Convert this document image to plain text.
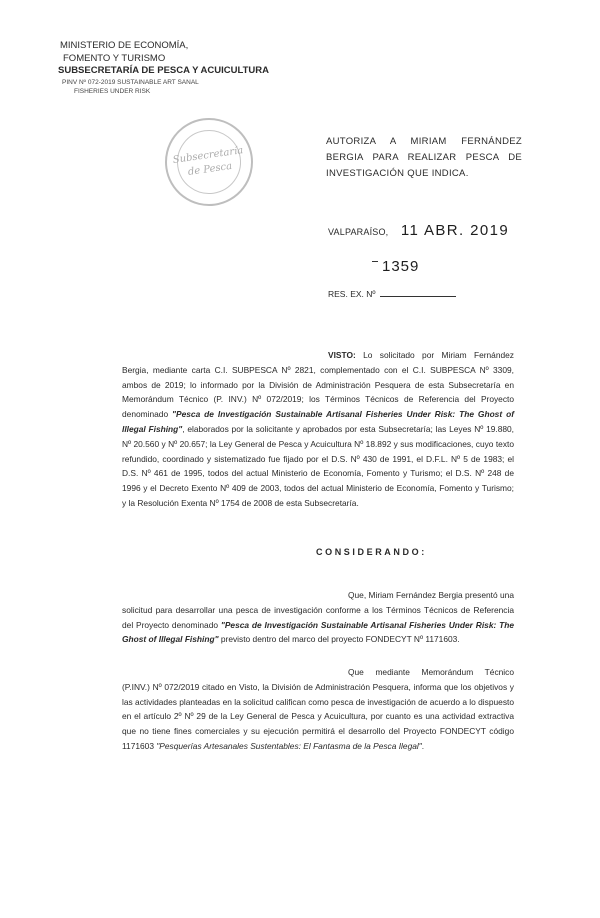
MINISTERIO DE ECONOMÍA,
FOMENTO Y TURISMO
SUBSECRETARÍA DE PESCA Y ACUICULTURA
PINV Nº 072-2019 SUSTAINABLE ART SANAL
FISHERIES UNDER RISK
Subsecretaría
de Pesca
AUTORIZA A MIRIAM FERNÁNDEZ BERGIA PARA REALIZAR PESCA DE INVESTIGACIÓN QUE INDICA.
VALPARAÍSO, 11 ABR. 2019
1359
RES. EX. Nº
VISTO: Lo solicitado por Miriam Fernández Bergia, mediante carta C.I. SUBPESCA Nº 2821, complementado con el C.I. SUBPESCA Nº 3309, ambos de 2019; lo informado por la División de Administración Pesquera de esta Subsecretaría en Memorándum Técnico (P. INV.) Nº 072/2019; los Términos Técnicos de Referencia del Proyecto denominado "Pesca de Investigación Sustainable Artisanal Fisheries Under Risk: The Ghost of Illegal Fishing", elaborados por la solicitante y aprobados por esta Subsecretaría; las Leyes Nº 19.880, Nº 20.560 y Nº 20.657; la Ley General de Pesca y Acuicultura Nº 18.892 y sus modificaciones, cuyo texto refundido, coordinado y sistematizado fue fijado por el D.S. Nº 430 de 1991, el D.F.L. Nº 5 de 1983; el D.S. Nº 461 de 1995, todos del actual Ministerio de Economía, Fomento y Turismo; el D.S. Nº 248 de 1996 y el Decreto Exento Nº 409 de 2003, todos del actual Ministerio de Economía, Fomento y Turismo; y la Resolución Exenta Nº 1754 de 2008 de esta Subsecretaría.
CONSIDERANDO:
Que, Miriam Fernández Bergia presentó una solicitud para desarrollar una pesca de investigación conforme a los Términos Técnicos de Referencia del Proyecto denominado "Pesca de Investigación Sustainable Artisanal Fisheries Under Risk: The Ghost of Illegal Fishing" previsto dentro del marco del proyecto FONDECYT Nº 1171603.
Que mediante Memorándum Técnico (P.INV.) Nº 072/2019 citado en Visto, la División de Administración Pesquera, informa que los objetivos y las actividades planteadas en la solicitud califican como pesca de investigación de acuerdo a lo dispuesto en el artículo 2º Nº 29 de la Ley General de Pesca y Acuicultura, por cuanto es una actividad extractiva que no tiene fines comerciales y su ejecución permitirá el desarrollo del Proyecto FONDECYT código 1171603 "Pesquerías Artesanales Sustentables: El Fantasma de la Pesca Ilegal".
